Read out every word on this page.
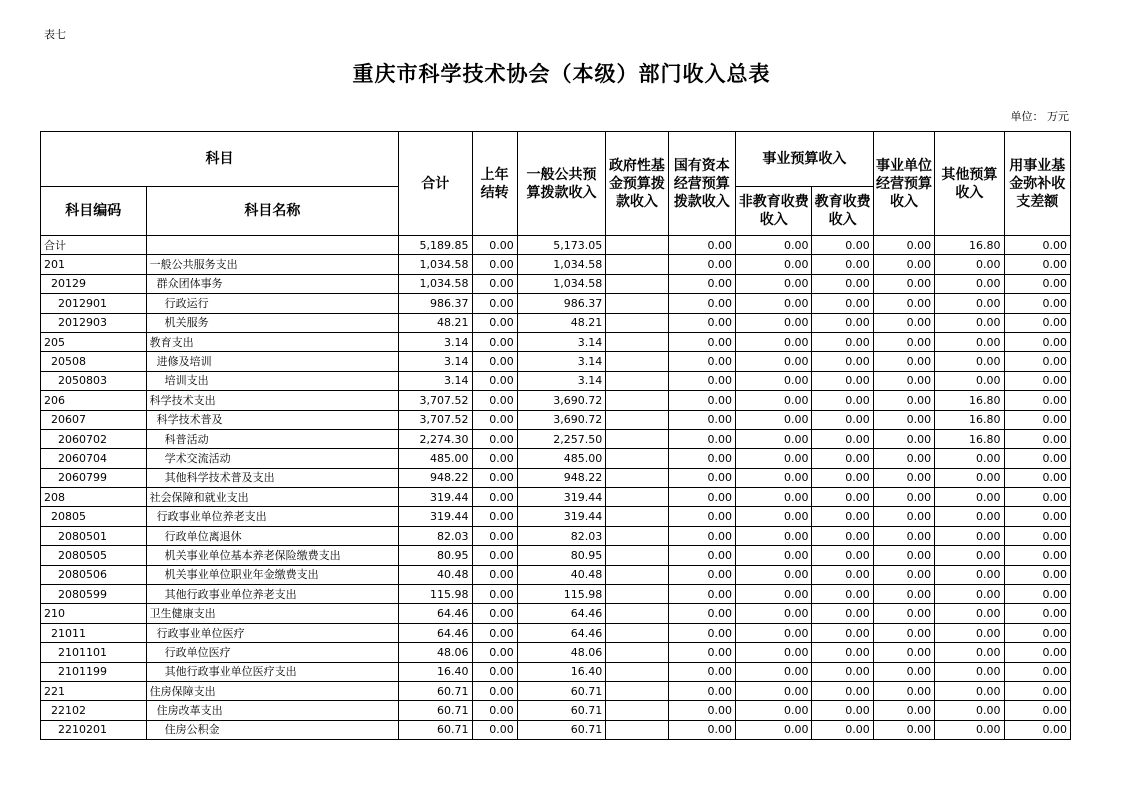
表七
重庆市科学技术协会（本级）部门收入总表
单位： 万元
科目		合计	上年结转	一般公共预算拨款收入	政府性基金预算拨款收入	国有资本经营预算拨款收入	事业预算收入		事业单位经营预算收入	其他预算收入	用事业基金弥补收支差额
科目编码	科目名称						非教育收费收入	教育收费收入			
合计		5,189.85	0.00	5,173.05		0.00	0.00	0.00	0.00	16.80	0.00
201	一般公共服务支出	1,034.58	0.00	1,034.58		0.00	0.00	0.00	0.00	0.00	0.00
20129	群众团体事务	1,034.58	0.00	1,034.58		0.00	0.00	0.00	0.00	0.00	0.00
2012901	行政运行	986.37	0.00	986.37		0.00	0.00	0.00	0.00	0.00	0.00
2012903	机关服务	48.21	0.00	48.21		0.00	0.00	0.00	0.00	0.00	0.00
205	教育支出	3.14	0.00	3.14		0.00	0.00	0.00	0.00	0.00	0.00
20508	进修及培训	3.14	0.00	3.14		0.00	0.00	0.00	0.00	0.00	0.00
2050803	培训支出	3.14	0.00	3.14		0.00	0.00	0.00	0.00	0.00	0.00
206	科学技术支出	3,707.52	0.00	3,690.72		0.00	0.00	0.00	0.00	16.80	0.00
20607	科学技术普及	3,707.52	0.00	3,690.72		0.00	0.00	0.00	0.00	16.80	0.00
2060702	科普活动	2,274.30	0.00	2,257.50		0.00	0.00	0.00	0.00	16.80	0.00
2060704	学术交流活动	485.00	0.00	485.00		0.00	0.00	0.00	0.00	0.00	0.00
2060799	其他科学技术普及支出	948.22	0.00	948.22		0.00	0.00	0.00	0.00	0.00	0.00
208	社会保障和就业支出	319.44	0.00	319.44		0.00	0.00	0.00	0.00	0.00	0.00
20805	行政事业单位养老支出	319.44	0.00	319.44		0.00	0.00	0.00	0.00	0.00	0.00
2080501	行政单位离退休	82.03	0.00	82.03		0.00	0.00	0.00	0.00	0.00	0.00
2080505	机关事业单位基本养老保险缴费支出	80.95	0.00	80.95		0.00	0.00	0.00	0.00	0.00	0.00
2080506	机关事业单位职业年金缴费支出	40.48	0.00	40.48		0.00	0.00	0.00	0.00	0.00	0.00
2080599	其他行政事业单位养老支出	115.98	0.00	115.98		0.00	0.00	0.00	0.00	0.00	0.00
210	卫生健康支出	64.46	0.00	64.46		0.00	0.00	0.00	0.00	0.00	0.00
21011	行政事业单位医疗	64.46	0.00	64.46		0.00	0.00	0.00	0.00	0.00	0.00
2101101	行政单位医疗	48.06	0.00	48.06		0.00	0.00	0.00	0.00	0.00	0.00
2101199	其他行政事业单位医疗支出	16.40	0.00	16.40		0.00	0.00	0.00	0.00	0.00	0.00
221	住房保障支出	60.71	0.00	60.71		0.00	0.00	0.00	0.00	0.00	0.00
22102	住房改革支出	60.71	0.00	60.71		0.00	0.00	0.00	0.00	0.00	0.00
2210201	住房公积金	60.71	0.00	60.71		0.00	0.00	0.00	0.00	0.00	0.00
